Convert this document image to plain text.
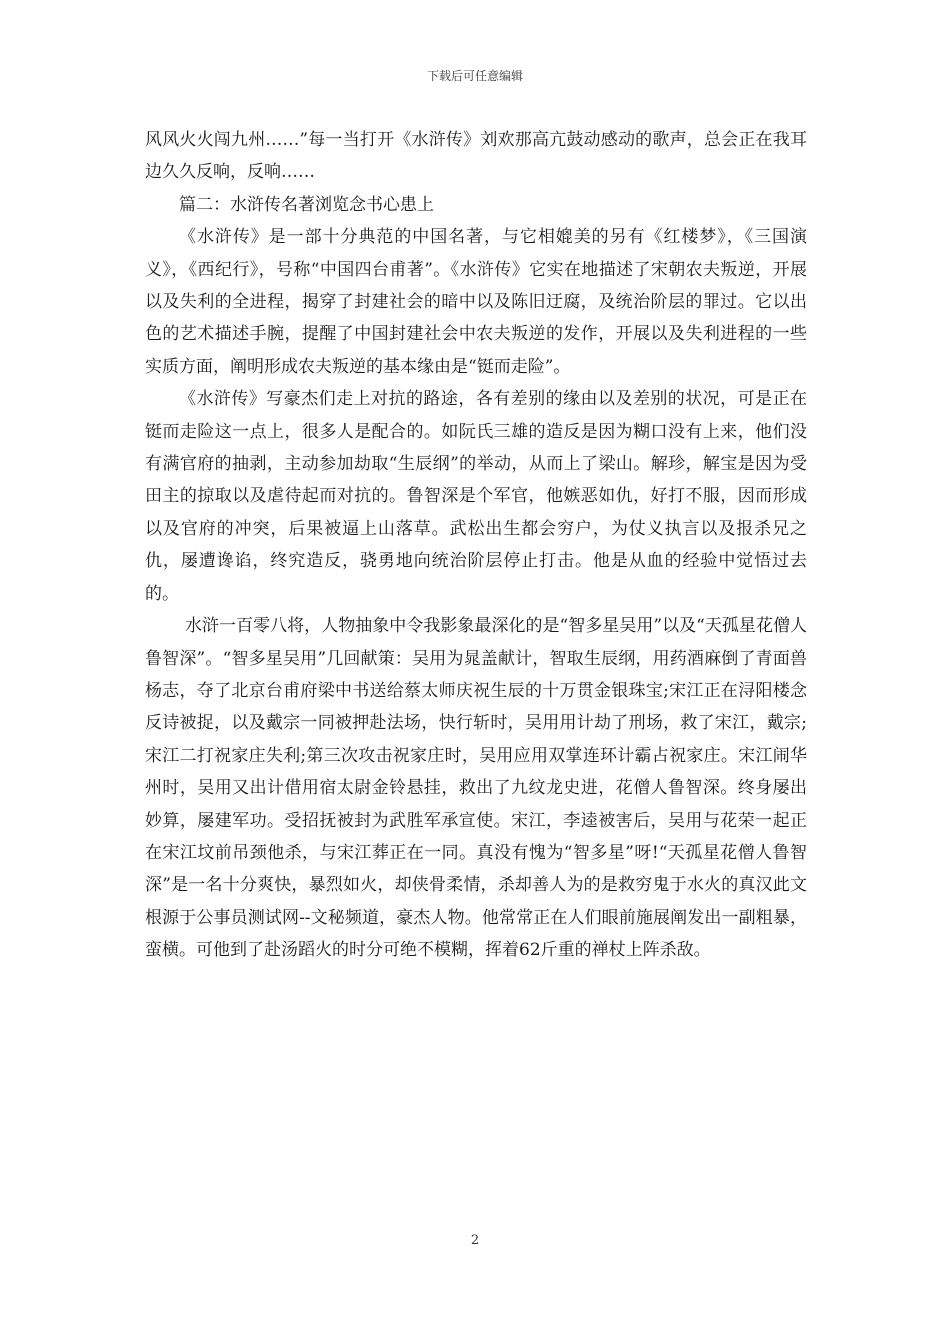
下载后可任意编辑

风风火火闯九州……”每一当打开《水浒传》刘欢那高亢鼓动感动的歌声，总会正在我耳边久久反响，反响……

篇二：水浒传名著浏览念书心患上

《水浒传》是一部十分典范的中国名著，与它相媲美的另有《红楼梦》，《三国演义》，《西纪行》，号称“中国四台甫著”。《水浒传》它实在地描述了宋朝农夫叛逆，开展以及失利的全进程，揭穿了封建社会的暗中以及陈旧迂腐，及统治阶层的罪过。它以出色的艺术描述手腕，提醒了中国封建社会中农夫叛逆的发作，开展以及失利进程的一些实质方面，阐明形成农夫叛逆的基本缘由是“铤而走险”。

《水浒传》写豪杰们走上对抗的路途，各有差别的缘由以及差别的状况，可是正在铤而走险这一点上，很多人是配合的。如阮氏三雄的造反是因为糊口没有上来，他们没有满官府的抽剥，主动参加劫取“生辰纲”的举动，从而上了梁山。解珍，解宝是因为受田主的掠取以及虐待起而对抗的。鲁智深是个军官，他嫉恶如仇，好打不服，因而形成以及官府的冲突，后果被逼上山落草。武松出生都会穷户，为仗义执言以及报杀兄之仇，屡遭谗谄，终究造反，骁勇地向统治阶层停止打击。他是从血的经验中觉悟过去的。

水浒一百零八将，人物抽象中令我影象最深化的是“智多星吴用”以及“天孤星花僧人鲁智深”。“智多星吴用”几回献策：吴用为晁盖献计，智取生辰纲，用药酒麻倒了青面兽杨志，夺了北京台甫府梁中书送给蔡太师庆祝生辰的十万贯金银珠宝;宋江正在浔阳楼念反诗被捉，以及戴宗一同被押赴法场，快行斩时，吴用用计劫了刑场，救了宋江，戴宗;宋江二打祝家庄失利;第三次攻击祝家庄时，吴用应用双掌连环计霸占祝家庄。宋江闹华州时，吴用又出计借用宿太尉金铃悬挂，救出了九纹龙史进，花僧人鲁智深。终身屡出妙算，屡建军功。受招抚被封为武胜军承宣使。宋江，李逵被害后，吴用与花荣一起正在宋江坟前吊颈他杀，与宋江葬正在一同。真没有愧为“智多星”呀!“天孤星花僧人鲁智深”是一名十分爽快，暴烈如火，却侠骨柔情，杀却善人为的是救穷鬼于水火的真汉此文根源于公事员测试网--文秘频道，豪杰人物。他常常正在人们眼前施展阐发出一副粗暴，蛮横。可他到了赴汤蹈火的时分可绝不模糊，挥着62斤重的禅杖上阵杀敌。

2
